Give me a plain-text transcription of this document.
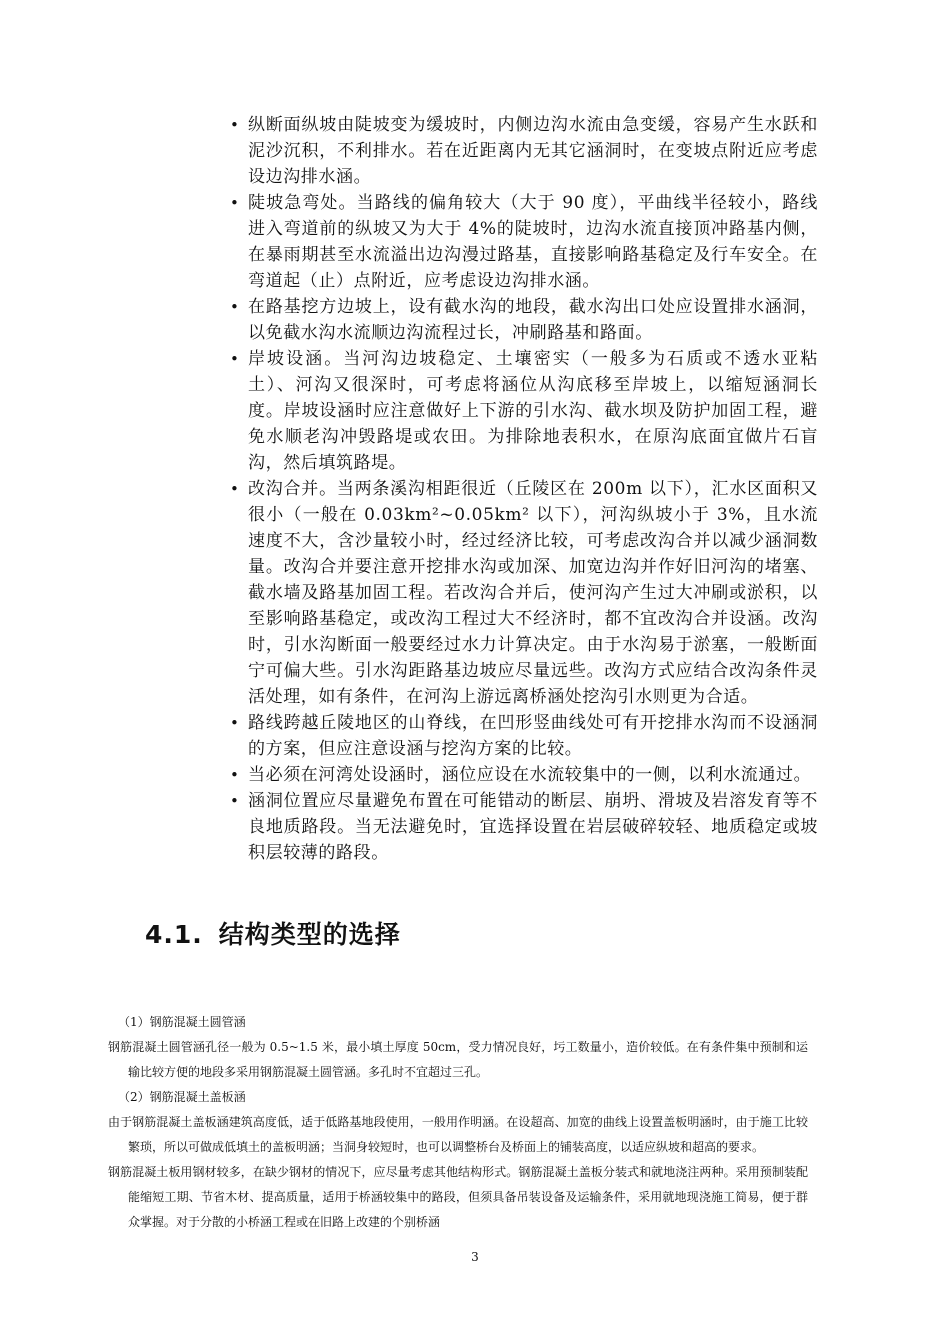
• 纵断面纵坡由陡坡变为缓坡时，内侧边沟水流由急变缓，容易产生水跃和泥沙沉积，不利排水。若在近距离内无其它涵洞时，在变坡点附近应考虑设边沟排水涵。
• 陡坡急弯处。当路线的偏角较大（大于 90 度），平曲线半径较小，路线进入弯道前的纵坡又为大于 4%的陡坡时，边沟水流直接顶冲路基内侧，在暴雨期甚至水流溢出边沟漫过路基，直接影响路基稳定及行车安全。在弯道起（止）点附近，应考虑设边沟排水涵。
• 在路基挖方边坡上，设有截水沟的地段，截水沟出口处应设置排水涵洞，以免截水沟水流顺边沟流程过长，冲刷路基和路面。
• 岸坡设涵。当河沟边坡稳定、土壤密实（一般多为石质或不透水亚粘土）、河沟又很深时，可考虑将涵位从沟底移至岸坡上，以缩短涵洞长度。岸坡设涵时应注意做好上下游的引水沟、截水坝及防护加固工程，避免水顺老沟冲毁路堤或农田。为排除地表积水，在原沟底面宜做片石盲沟，然后填筑路堤。
• 改沟合并。当两条溪沟相距很近（丘陵区在 200m 以下），汇水区面积又很小（一般在 0.03km²~0.05km² 以下），河沟纵坡小于 3%，且水流速度不大，含沙量较小时，经过经济比较，可考虑改沟合并以减少涵洞数量。改沟合并要注意开挖排水沟或加深、加宽边沟并作好旧河沟的堵塞、截水墙及路基加固工程。若改沟合并后，使河沟产生过大冲刷或淤积，以至影响路基稳定，或改沟工程过大不经济时，都不宜改沟合并设涵。改沟时，引水沟断面一般要经过水力计算决定。由于水沟易于淤塞，一般断面宁可偏大些。引水沟距路基边坡应尽量远些。改沟方式应结合改沟条件灵活处理，如有条件，在河沟上游远离桥涵处挖沟引水则更为合适。
• 路线跨越丘陵地区的山脊线，在凹形竖曲线处可有开挖排水沟而不设涵洞的方案，但应注意设涵与挖沟方案的比较。
• 当必须在河湾处设涵时，涵位应设在水流较集中的一侧，以利水流通过。
• 涵洞位置应尽量避免布置在可能错动的断层、崩坍、滑坡及岩溶发育等不良地质路段。当无法避免时，宜选择设置在岩层破碎较轻、地质稳定或坡积层较薄的路段。
4.1. 结构类型的选择

（1）钢筋混凝土圆管涵

钢筋混凝土圆管涵孔径一般为 0.5~1.5 米，最小填土厚度 50cm，受力情况良好，圬工数量小，造价较低。在有条件集中预制和运输比较方便的地段多采用钢筋混凝土圆管涵。多孔时不宜超过三孔。

（2）钢筋混凝土盖板涵

由于钢筋混凝土盖板涵建筑高度低，适于低路基地段使用，一般用作明涵。在设超高、加宽的曲线上设置盖板明涵时，由于施工比较繁琐，所以可做成低填土的盖板明涵；当洞身较短时，也可以调整桥台及桥面上的铺装高度，以适应纵坡和超高的要求。

钢筋混凝土板用钢材较多，在缺少钢材的情况下，应尽量考虑其他结构形式。钢筋混凝土盖板分装式和就地浇注两种。采用预制装配能缩短工期、节省木材、提高质量，适用于桥涵较集中的路段，但须具备吊装设备及运输条件，采用就地现浇施工简易，便于群众掌握。对于分散的小桥涵工程或在旧路上改建的个别桥涵

3
